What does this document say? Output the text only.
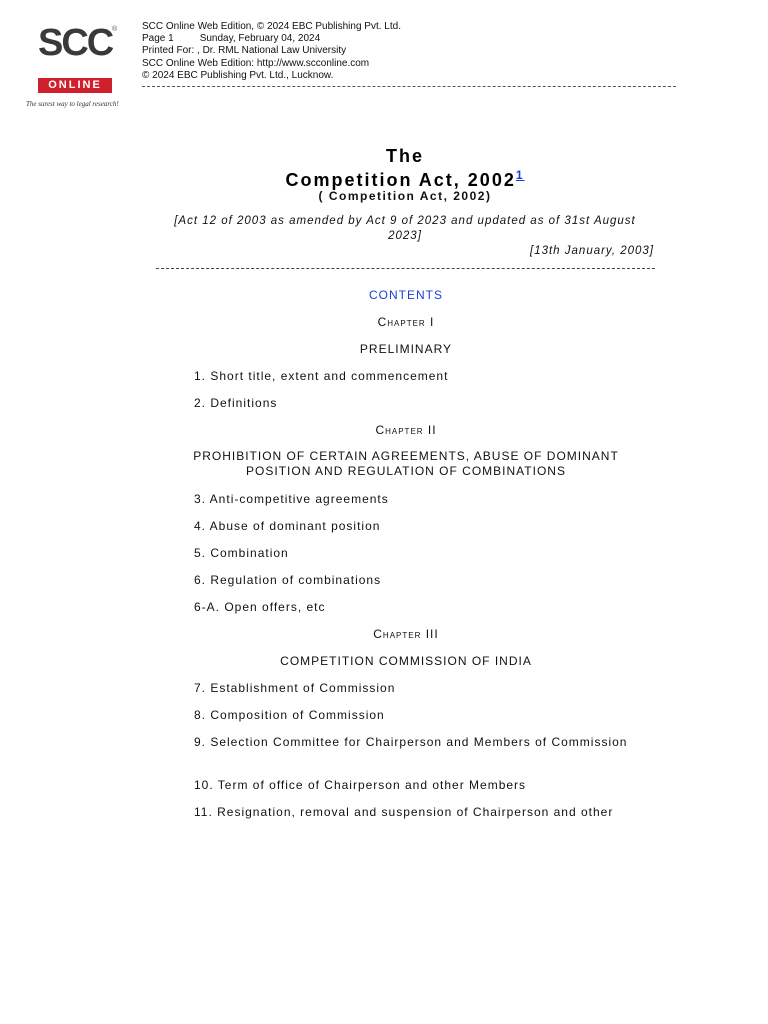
SCC ®
ONLINE
The surest way to legal research!
SCC Online Web Edition, © 2024 EBC Publishing Pvt. Ltd.
Page 1	Sunday, February 04, 2024
Printed For: , Dr. RML National Law University
SCC Online Web Edition: http://www.scconline.com
© 2024 EBC Publishing Pvt. Ltd., Lucknow.
The
Competition Act, 2002$^1$
( Competition Act, 2002)
[Act 12 of 2003 as amended by Act 9 of 2023 and updated as of 31st August 2023]
[13th January, 2003]
CONTENTS
Chapter I
PRELIMINARY
1. Short title, extent and commencement
2. Definitions
Chapter II
PROHIBITION OF CERTAIN AGREEMENTS, ABUSE OF DOMINANT POSITION AND REGULATION OF COMBINATIONS
3. Anti-competitive agreements
4. Abuse of dominant position
5. Combination
6. Regulation of combinations
6-A. Open offers, etc
Chapter III
COMPETITION COMMISSION OF INDIA
7. Establishment of Commission
8. Composition of Commission
9. Selection Committee for Chairperson and Members of Commission
10. Term of office of Chairperson and other Members
11. Resignation, removal and suspension of Chairperson and other
